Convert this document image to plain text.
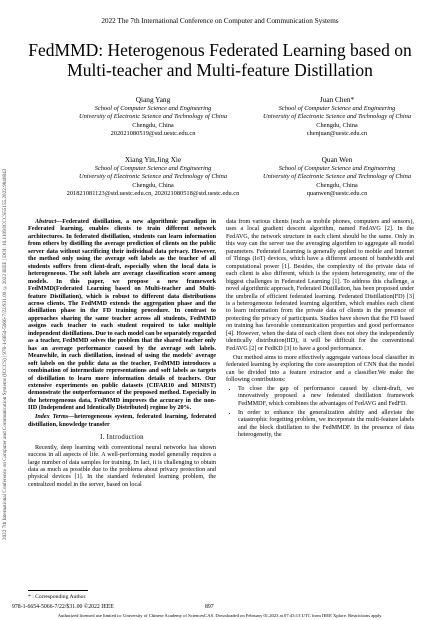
2022 7th International Conference on Computer and Communication Systems (ICCCS) | 978-1-6654-5066-7/22/$31.00 ©2022 IEEE | DOI: 10.1109/ICCCS55155.2022.9846843
2022 The 7th International Conference on Computer and Communication Systems
FedMMD: Heterogenous Federated Learning based on Multi-teacher and Multi-feature Distillation
Qiang Yang
School of Computer Science and Engineering
University of Electronic Science and Technology of China
Chengdu, China
202021080519@std.uestc.edu.cn
Juan Chen*
School of Computer Science and Engineering
University of Electronic Science and Technology of China
Chengdu, China
chenjuan@uestc.edu.cn
Xiang Yin,Jing Xie
School of Computer Science and Engineering
University of Electronic Science and Technology of China
Chengdu, China
201821081123@std.uestc.edu.cn, 202021080518@std.uestc.edu.cn
Quan Wen
School of Computer Science and Engineering
University of Electronic Science and Technology of China
Chengdu, China
quanwen@uestc.edu.cn

Abstract—Federated distillation, a new algorithmic paradigm in Federated learning, enables clients to train different network architectures. In federated distillation, students can learn information from others by distilling the average prediction of clients on the public server data without sacrificing their individual data privacy. However, the method only using the average soft labels as the teacher of all students suffers from client-draft, especially when the local data is heterogeneous. The soft labels are average classification score among models. In this paper, we propose a new framework FedMMD(Federated Learning based on Multi-teacher and Multi-feature Distillation), which is robust to different data distributions across clients. The FedMMD extends the aggregation phase and the distillation phase in the FD training procedure. In contrast to approaches sharing the same teacher across all students, FedMMD assigns each teacher to each student required to take multiple independent distillations. Due to each model can be separately regarded as a teacher, FedMMD solves the problem that the shared teacher only has an average performance caused by the average soft labels. Meanwhile, in each distillation, instead of using the models' average soft labels on the public data as the teacher, FedMMD introduces a combination of intermediate representations and soft labels as targets of distillation to learn more information details of teachers. Our extensive experiments on public datasets (CIFAR10 and MINIST) demonstrate the outperformance of the proposed method. Especially in the heterogeneous data, FedMMD improves the accuracy in the non-IID (Independent and Identically Distributed) regime by 20%.

Index Terms—heterogeneous system, federated learning, federated distillation, knowledge transfer

I. Introduction

Recently, deep learning with conventional neural networks has shown success in all aspects of life. A well-performing model generally requires a large number of data samples for training. In fact, it is challenging to obtain data as much as possible due to the problems about privacy protection and physical devices [1]. In the standard federated learning problem, the centralized model in the server, based on local

* : Corresponding Author.

data from various clients (such as mobile phones, computers and sensors), uses a local gradient descent algorithm, named FedAVG [2]. In the FedAVG, the network structure in each client should be the same. Only in this way can the server use the averaging algorithm to aggregate all model parameters. Federated Learning is generally applied to mobile and Internet of Things (IoT) devices, which have a different amount of bandwidth and computational power [1]. Besides, the complexity of the private data of each client is also different, which is the system heterogeneity, one of the biggest challenges in Federated Learning [1]. To address this challenge, a novel algorithmic approach, Federated Distillation, has been proposed under the umbrella of efficient federated learning. Federated Distillation(FD) [3] is a heterogeneous federated learning algorithm, which enables each client to learn information from the private data of clients in the presence of protecting the privacy of participants. Studies have shown that the FD based on training has favorable communication properties and good performance [4]. However, when the data of each client does not obey the independently identically distribution(IID), it will be difficult for the conventional FedAVG [2] or FedKD [3] to have a good performance.

Our method aims to more effectively aggregate various local classifier in federated learning by exploring the core assumption of CNN that the model can be divided into a feature extractor and a classifier.We make the following contributions:

• To close the gap of performance caused by client-draft, we innovatively proposed a new federated distillation framework FedMMDF, which combines the advantages of FedAVG and FedFD.
• In order to enhance the generalization ability and alleviate the catastrophic forgetting problem, we incorporate the multi-feature labels and the block distillation to the FedMMDF. In the presence of data heterogeneity, the
978-1-6654-5066-7/22/$31.00 ©2022 IEEE	897
Authorized licensed use limited to: University of Chinese Academy of SciencesCAS. Downloaded on February 01,2023 at 07:43:13 UTC from IEEE Xplore. Restrictions apply.
